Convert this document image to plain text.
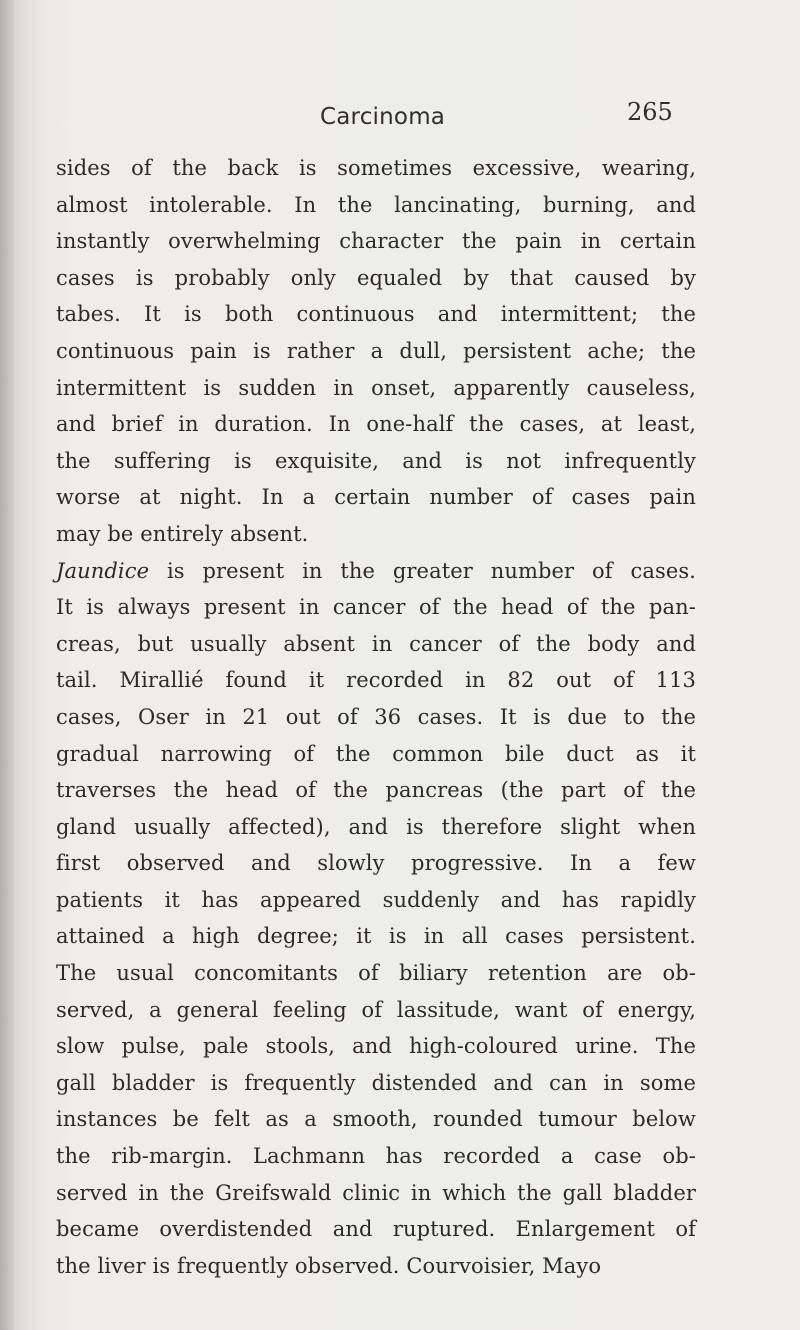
Carcinoma	265
sides of the back is sometimes excessive, wearing,
almost intolerable. In the lancinating, burning, and
instantly overwhelming character the pain in certain
cases is probably only equaled by that caused by
tabes. It is both continuous and intermittent; the
continuous pain is rather a dull, persistent ache; the
intermittent is sudden in onset, apparently causeless,
and brief in duration. In one-half the cases, at least,
the suffering is exquisite, and is not infrequently
worse at night. In a certain number of cases pain
may be entirely absent.
Jaundice is present in the greater number of cases.
It is always present in cancer of the head of the pan-
creas, but usually absent in cancer of the body and
tail. Mirallié found it recorded in 82 out of 113
cases, Oser in 21 out of 36 cases. It is due to the
gradual narrowing of the common bile duct as it
traverses the head of the pancreas (the part of the
gland usually affected), and is therefore slight when
first observed and slowly progressive. In a few
patients it has appeared suddenly and has rapidly
attained a high degree; it is in all cases persistent.
The usual concomitants of biliary retention are ob-
served, a general feeling of lassitude, want of energy,
slow pulse, pale stools, and high-coloured urine. The
gall bladder is frequently distended and can in some
instances be felt as a smooth, rounded tumour below
the rib-margin. Lachmann has recorded a case ob-
served in the Greifswald clinic in which the gall bladder
became overdistended and ruptured. Enlargement of
the liver is frequently observed. Courvoisier, Mayo
